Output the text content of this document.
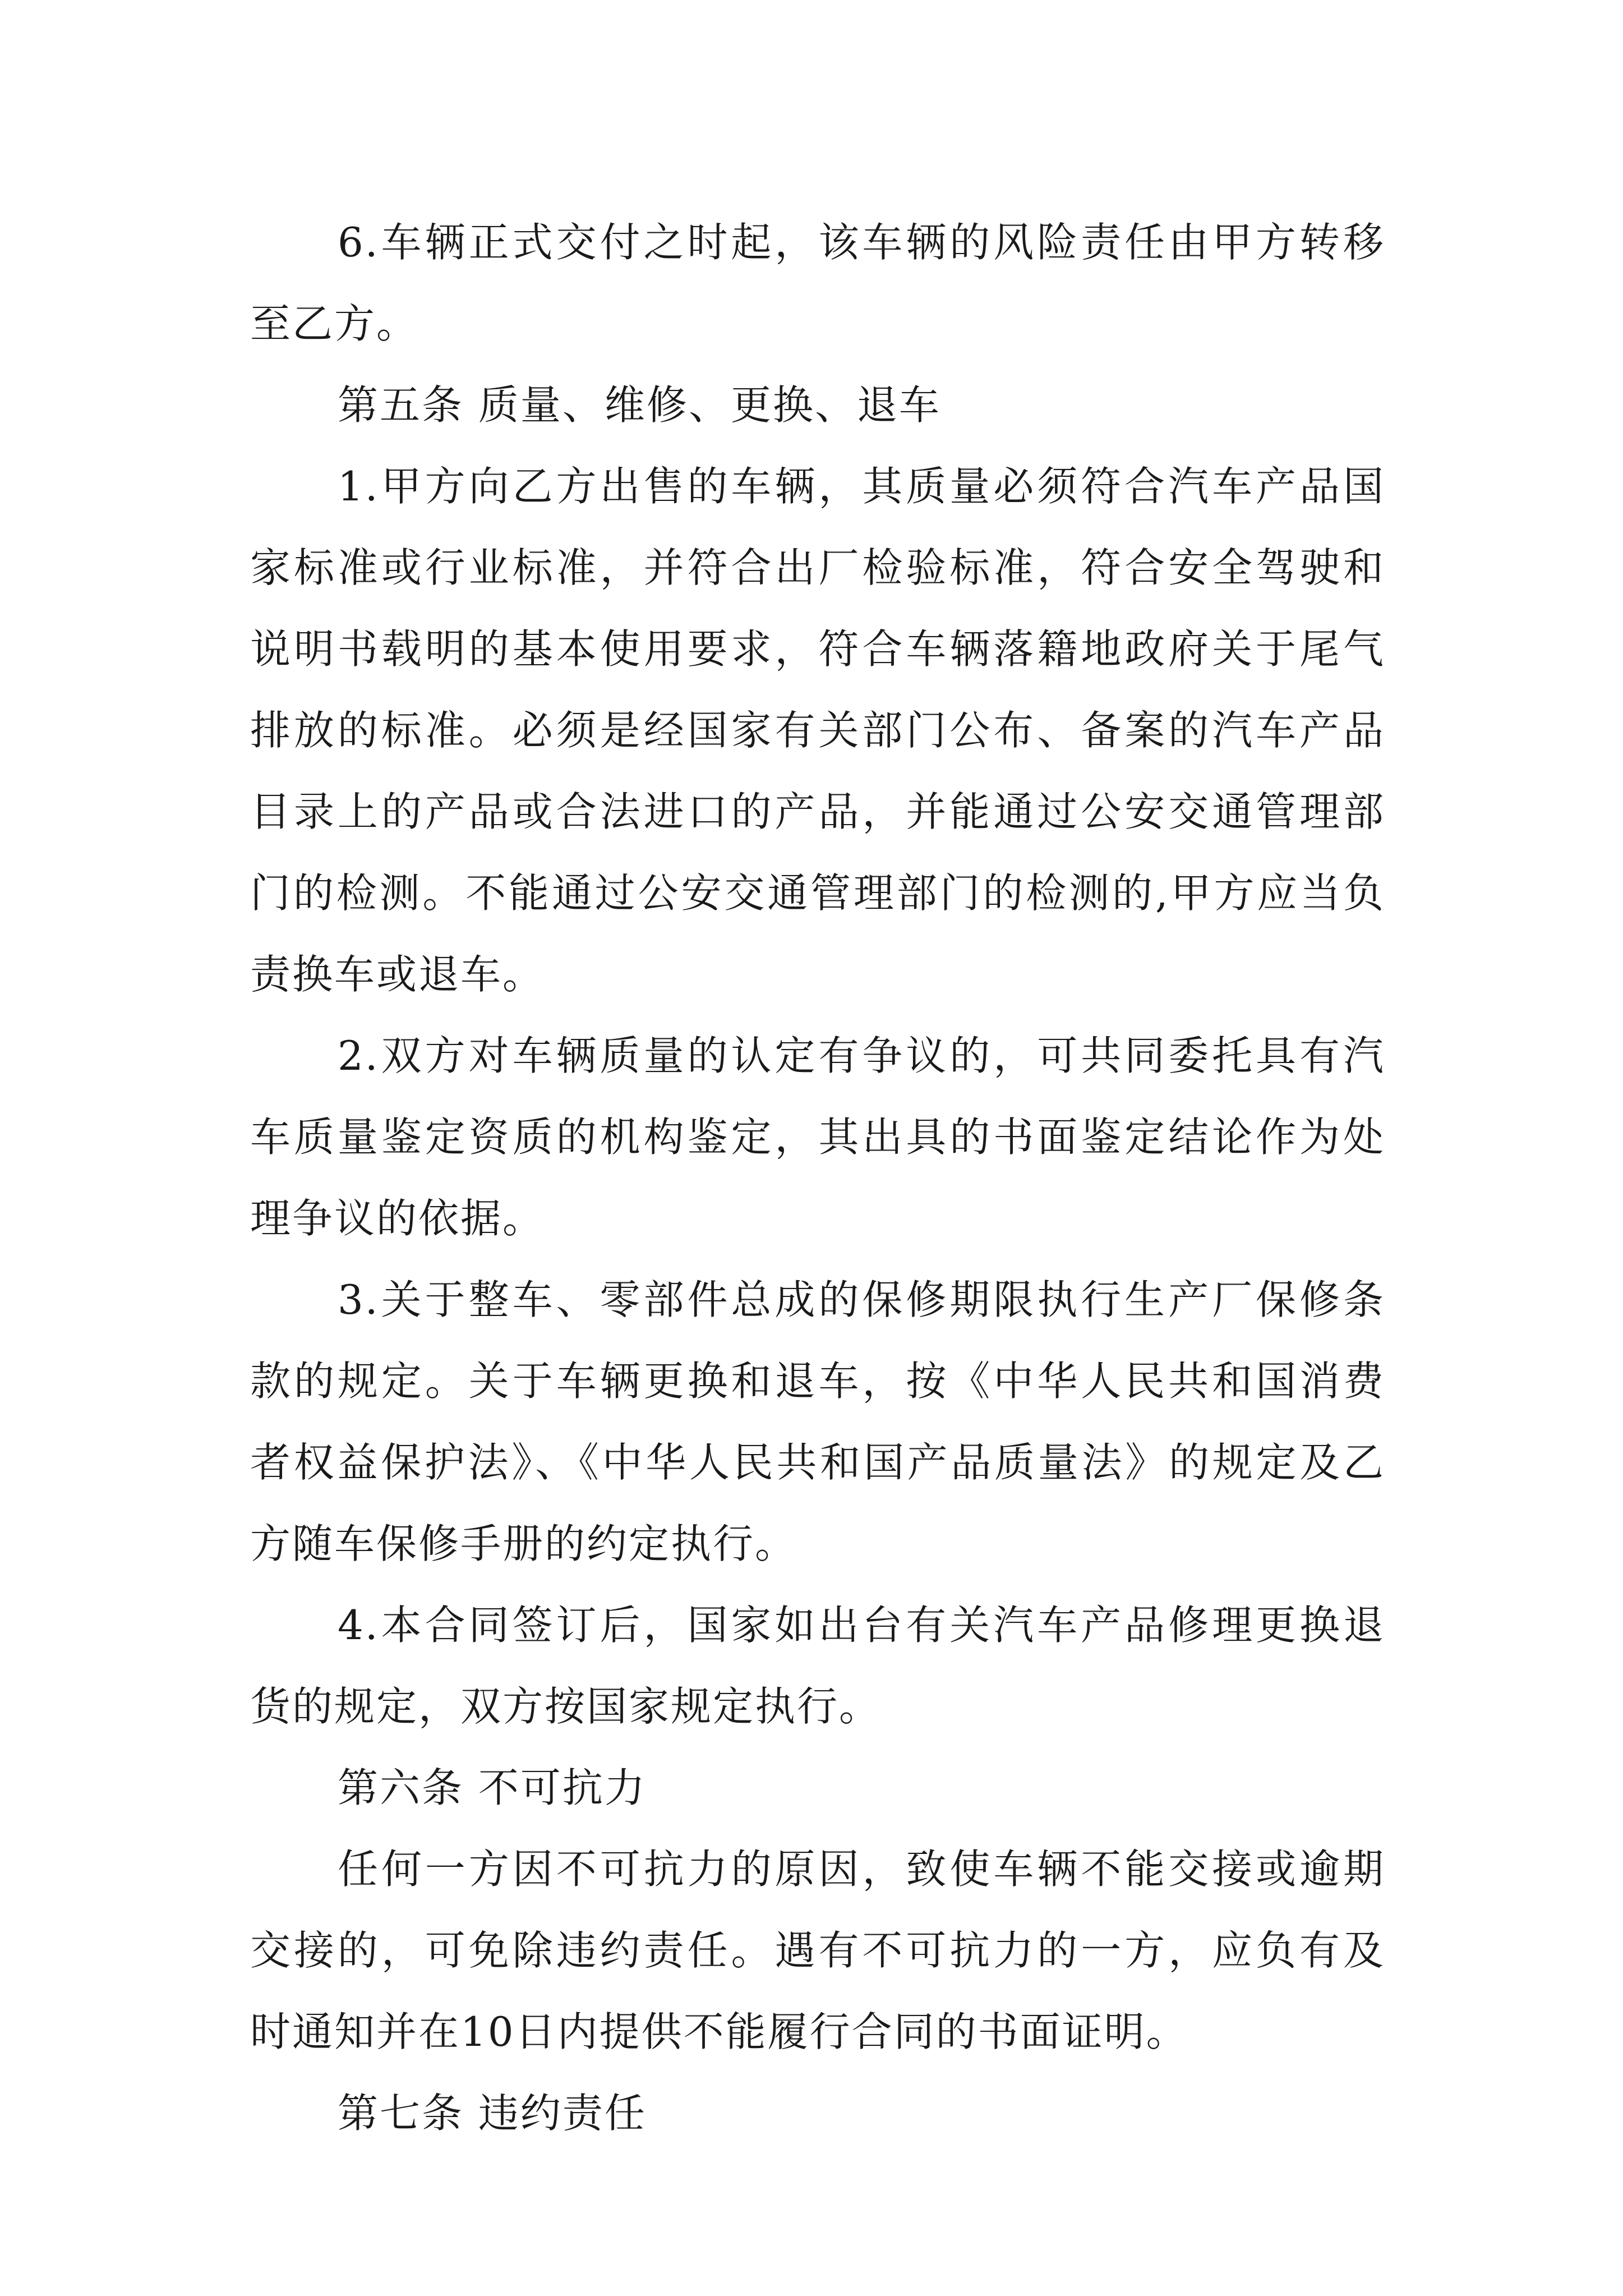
6.车辆正式交付之时起，该车辆的风险责任由甲方转移至乙方。

第五条 质量、维修、更换、退车

1.甲方向乙方出售的车辆，其质量必须符合汽车产品国家标准或行业标准，并符合出厂检验标准，符合安全驾驶和说明书载明的基本使用要求，符合车辆落籍地政府关于尾气排放的标准。必须是经国家有关部门公布、备案的汽车产品目录上的产品或合法进口的产品，并能通过公安交通管理部门的检测。不能通过公安交通管理部门的检测的,甲方应当负责换车或退车。

2.双方对车辆质量的认定有争议的，可共同委托具有汽车质量鉴定资质的机构鉴定，其出具的书面鉴定结论作为处理争议的依据。

3.关于整车、零部件总成的保修期限执行生产厂保修条款的规定。关于车辆更换和退车，按《中华人民共和国消费者权益保护法》、《中华人民共和国产品质量法》的规定及乙方随车保修手册的约定执行。

4.本合同签订后，国家如出台有关汽车产品修理更换退货的规定，双方按国家规定执行。

第六条 不可抗力

任何一方因不可抗力的原因，致使车辆不能交接或逾期交接的，可免除违约责任。遇有不可抗力的一方，应负有及时通知并在10日内提供不能履行合同的书面证明。

第七条 违约责任
